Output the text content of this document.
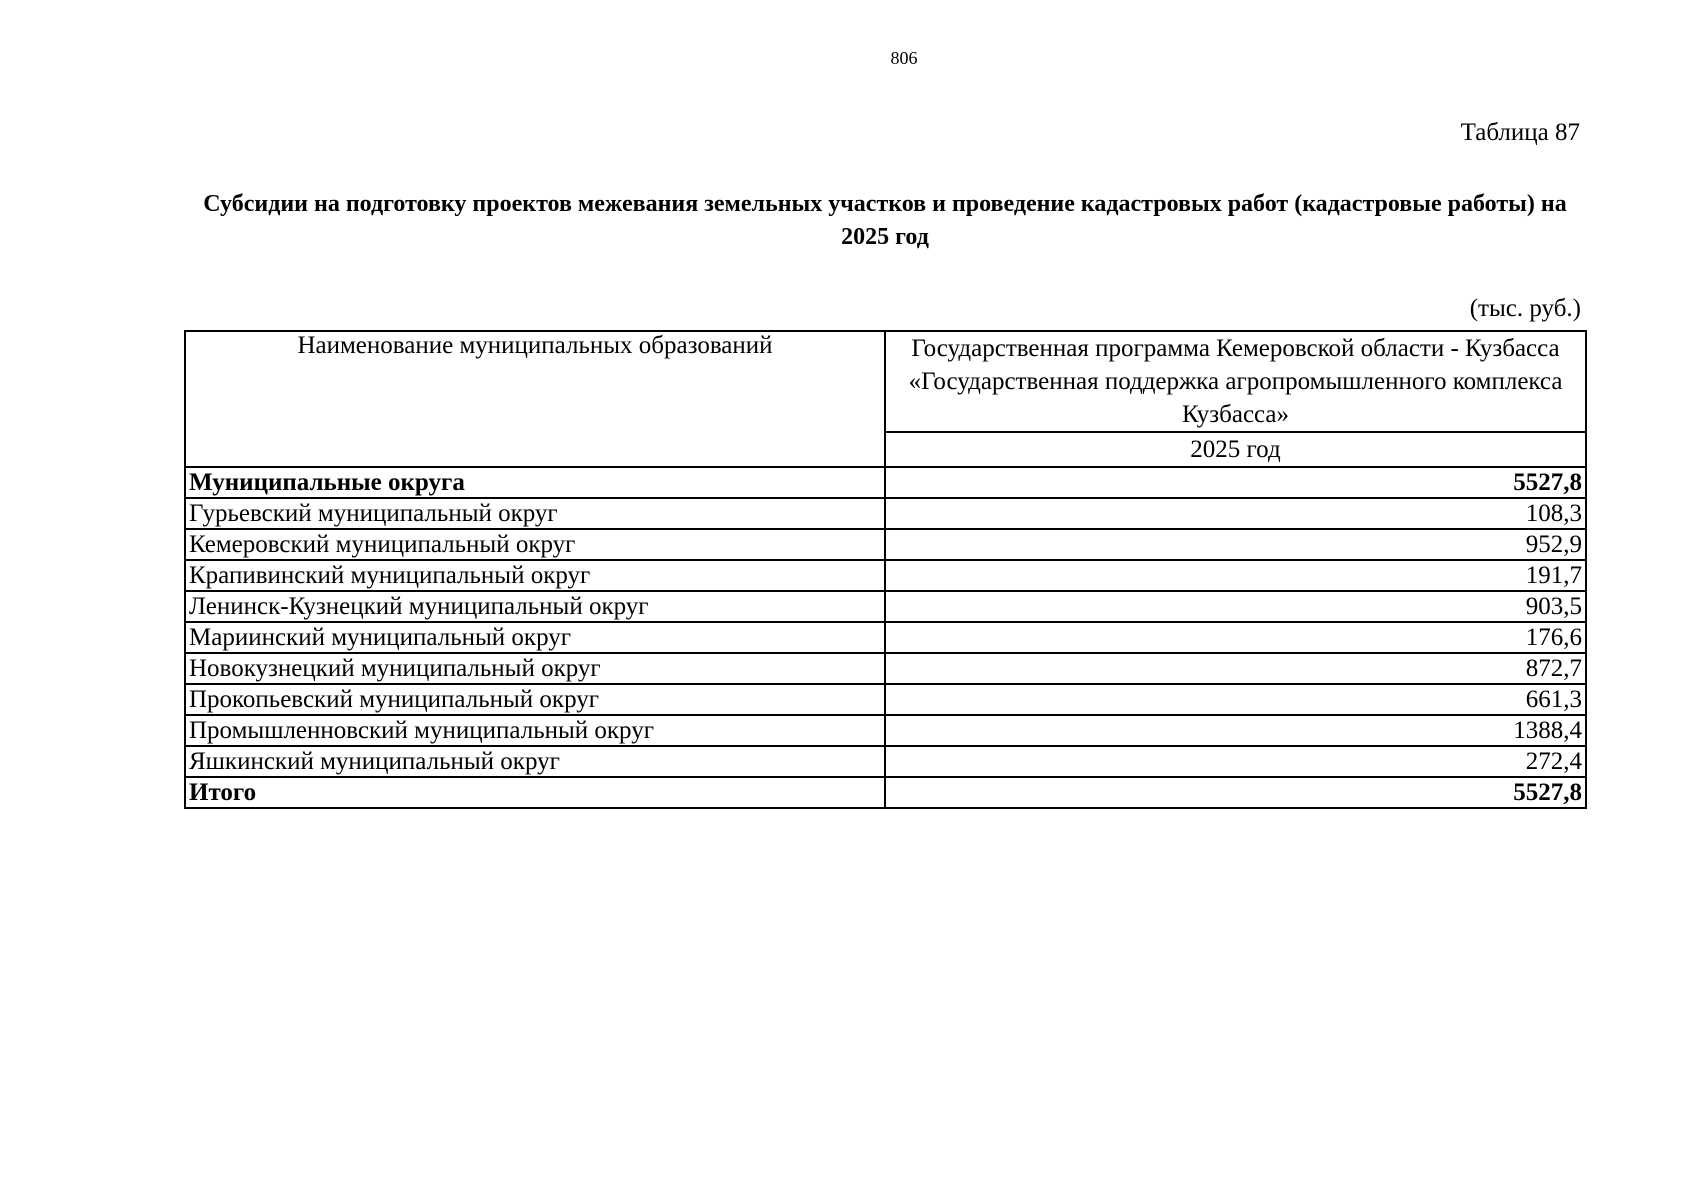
806
Таблица 87
Субсидии на подготовку проектов межевания земельных участков и проведение кадастровых работ (кадастровые работы) на 2025 год
(тыс. руб.)
Наименование муниципальных образований	Государственная программа Кемеровской области - Кузбасса «Государственная поддержка агропромышленного комплекса Кузбасса»
	2025 год
Муниципальные округа	5527,8
Гурьевский муниципальный округ	108,3
Кемеровский муниципальный округ	952,9
Крапивинский муниципальный округ	191,7
Ленинск-Кузнецкий муниципальный округ	903,5
Мариинский муниципальный округ	176,6
Новокузнецкий муниципальный округ	872,7
Прокопьевский муниципальный округ	661,3
Промышленновский муниципальный округ	1388,4
Яшкинский муниципальный округ	272,4
Итого	5527,8
